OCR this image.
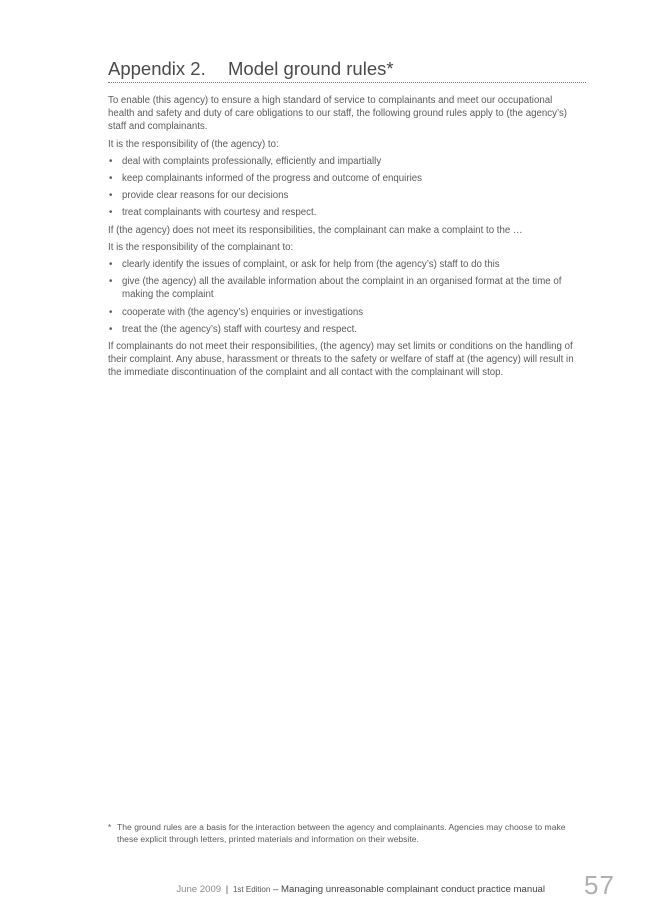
Appendix 2. Model ground rules*

To enable (this agency) to ensure a high standard of service to complainants and meet our occupational health and safety and duty of care obligations to our staff, the following ground rules apply to (the agency’s) staff and complainants.

It is the responsibility of (the agency) to:

• deal with complaints professionally, efficiently and impartially
• keep complainants informed of the progress and outcome of enquiries
• provide clear reasons for our decisions
• treat complainants with courtesy and respect.

If (the agency) does not meet its responsibilities, the complainant can make a complaint to the …

It is the responsibility of the complainant to:

• clearly identify the issues of complaint, or ask for help from (the agency’s) staff to do this
• give (the agency) all the available information about the complaint in an organised format at the time of making the complaint
• cooperate with (the agency’s) enquiries or investigations
• treat the (the agency’s) staff with courtesy and respect.

If complainants do not meet their responsibilities, (the agency) may set limits or conditions on the handling of their complaint. Any abuse, harassment or threats to the safety or welfare of staff at (the agency) will result in the immediate discontinuation of the complaint and all contact with the complainant will stop.

* The ground rules are a basis for the interaction between the agency and complainants. Agencies may choose to make these explicit through letters, printed materials and information on their website.
June 2009 | 1st Edition – Managing unreasonable complainant conduct practice manual 57
